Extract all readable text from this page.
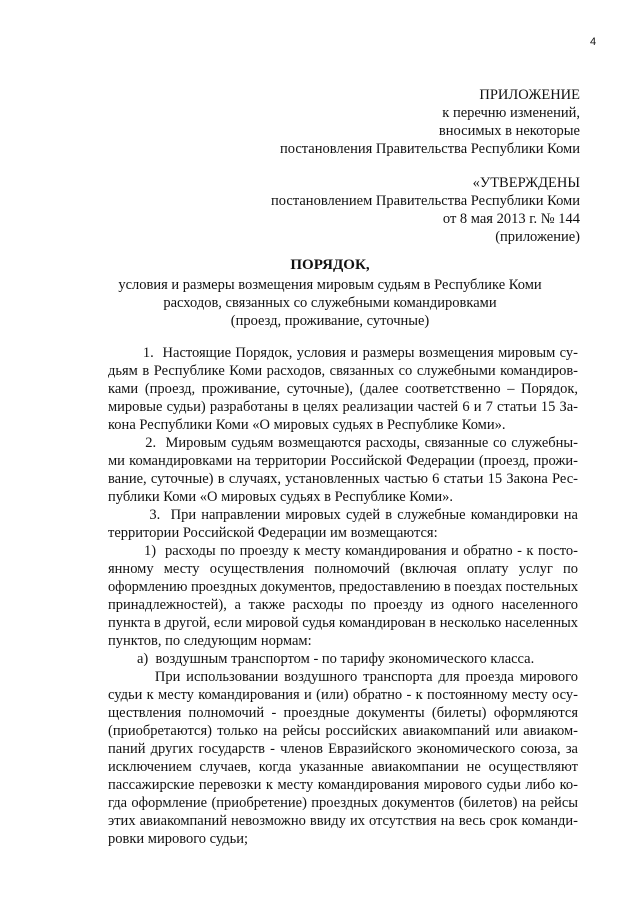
4
ПРИЛОЖЕНИЕ
к перечню изменений,
вносимых в некоторые
постановления Правительства Республики Коми
«УТВЕРЖДЕНЫ
постановлением Правительства Республики Коми
от 8 мая 2013 г. № 144
(приложение)
ПОРЯДОК,
условия и размеры возмещения мировым судьям в Республике Коми
расходов, связанных со служебными командировками
(проезд, проживание, суточные)
1.  Настоящие Порядок, условия и размеры возмещения мировым су-
дьям в Республике Коми расходов, связанных со служебными командиров-
ками (проезд, проживание, суточные), (далее соответственно – Порядок,
мировые судьи) разработаны в целях реализации частей 6 и 7 статьи 15 За-
кона Республики Коми «О мировых судьях в Республике Коми».
2.  Мировым судьям возмещаются расходы, связанные со служебны-
ми командировками на территории Российской Федерации (проезд, прожи-
вание, суточные) в случаях, установленных частью 6 статьи 15 Закона Рес-
публики Коми «О мировых судьях в Республике Коми».
3.  При направлении мировых судей в служебные командировки на
территории Российской Федерации им возмещаются:
1)  расходы по проезду к месту командирования и обратно - к посто-
янному месту осуществления полномочий (включая оплату услуг по
оформлению проездных документов, предоставлению в поездах постельных
принадлежностей), а также расходы по проезду из одного населенного
пункта в другой, если мировой судья командирован в несколько населенных
пунктов, по следующим нормам:
а)  воздушным транспортом - по тарифу экономического класса.
При использовании воздушного транспорта для проезда мирового
судьи к месту командирования и (или) обратно - к постоянному месту осу-
ществления полномочий - проездные документы (билеты) оформляются
(приобретаются) только на рейсы российских авиакомпаний или авиаком-
паний других государств - членов Евразийского экономического союза, за
исключением случаев, когда указанные авиакомпании не осуществляют
пассажирские перевозки к месту командирования мирового судьи либо ко-
гда оформление (приобретение) проездных документов (билетов) на рейсы
этих авиакомпаний невозможно ввиду их отсутствия на весь срок команди-
ровки мирового судьи;
